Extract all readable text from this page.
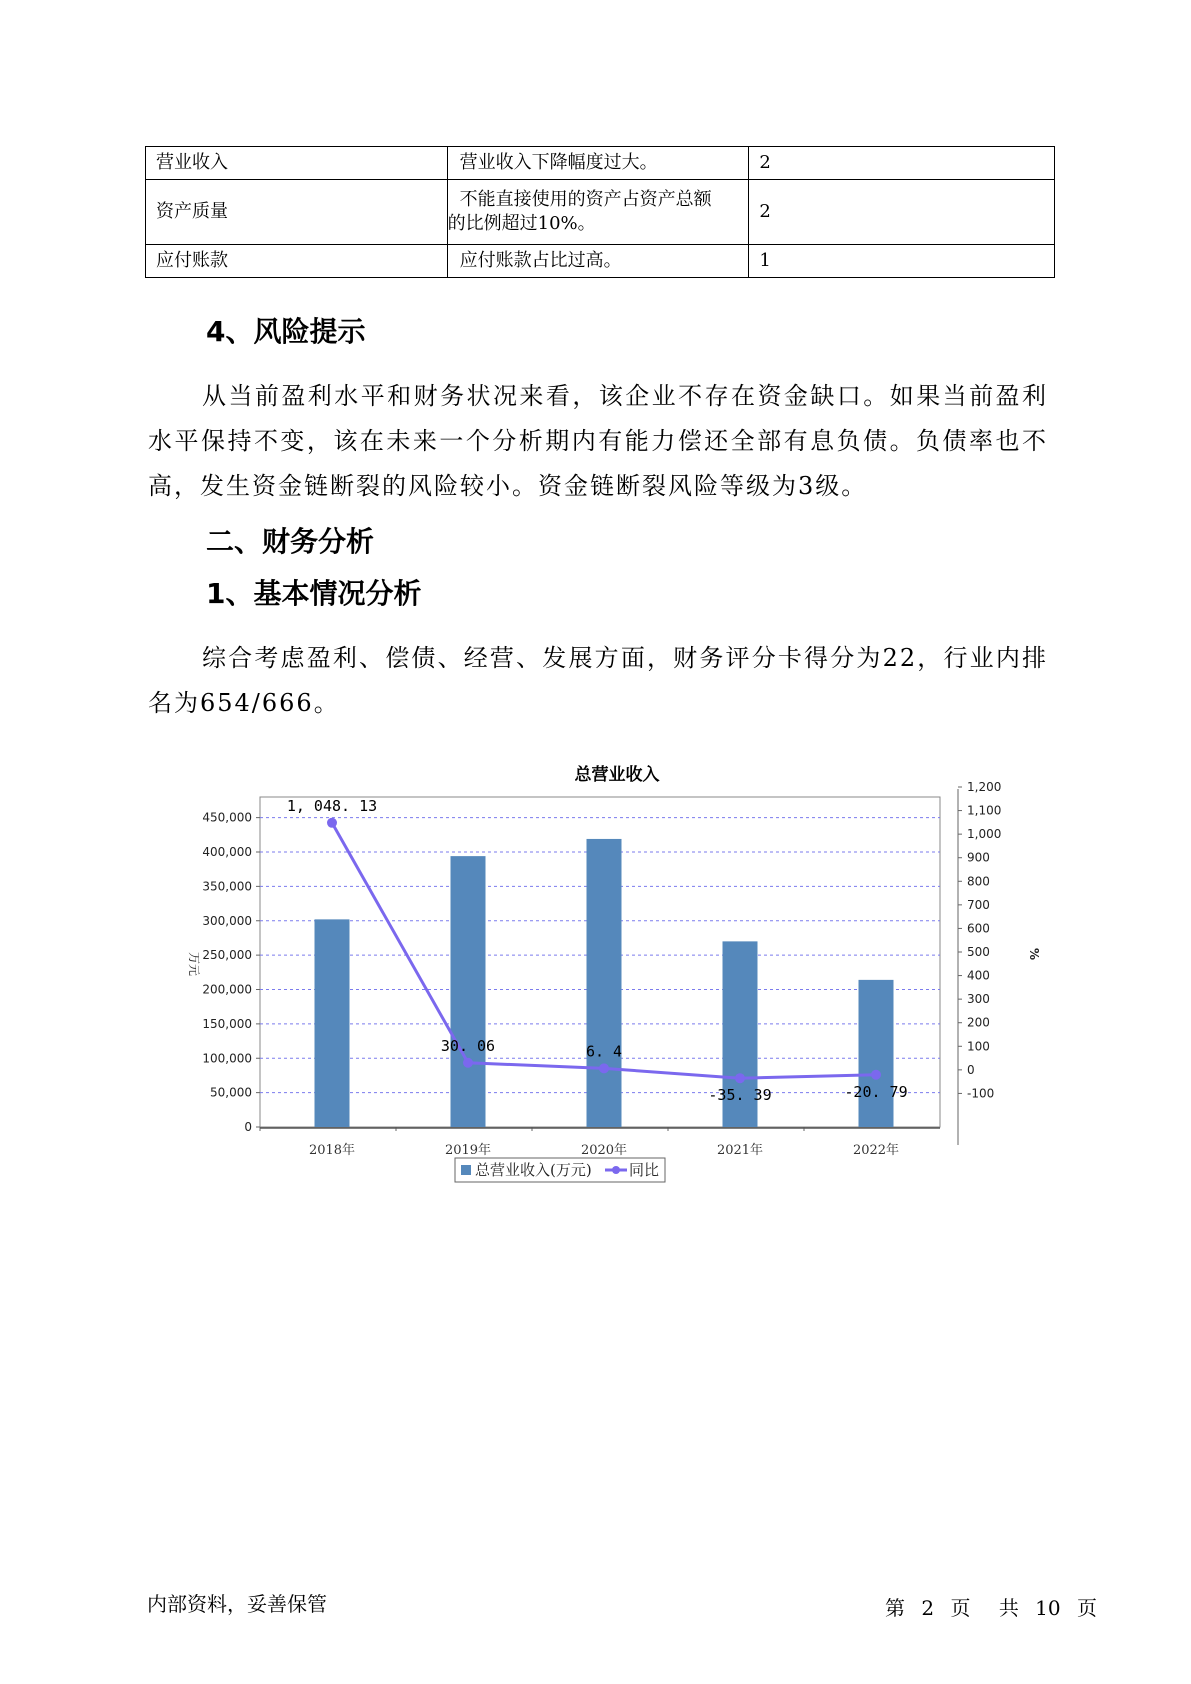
营业收入	营业收入下降幅度过大。	2
资产质量	不能直接使用的资产占资产总额
的比例超过10%。	2
应付账款	应付账款占比过高。	1
4、风险提示

从当前盈利水平和财务状况来看，该企业不存在资金缺口。如果当前盈利水平保持不变，该在未来一个分析期内有能力偿还全部有息负债。负债率也不高，发生资金链断裂的风险较小。资金链断裂风险等级为3级。

二、财务分析
1、基本情况分析

综合考虑盈利、偿债、经营、发展方面，财务评分卡得分为22，行业内排名为654/666。

总营业收入
0
50,000
100,000
150,000
200,000
250,000
300,000
350,000
400,000
450,000
-100
0
100
200
300
400
500
600
700
800
900
1,000
1,100
1,200
万元	%
2018年	2019年	2020年	2021年	2022年
1, 048. 13
30. 06	6. 4
-35. 39	-20. 79
总营业收入(万元) 同比
内部资料，妥善保管	第 2 页 共 10 页
